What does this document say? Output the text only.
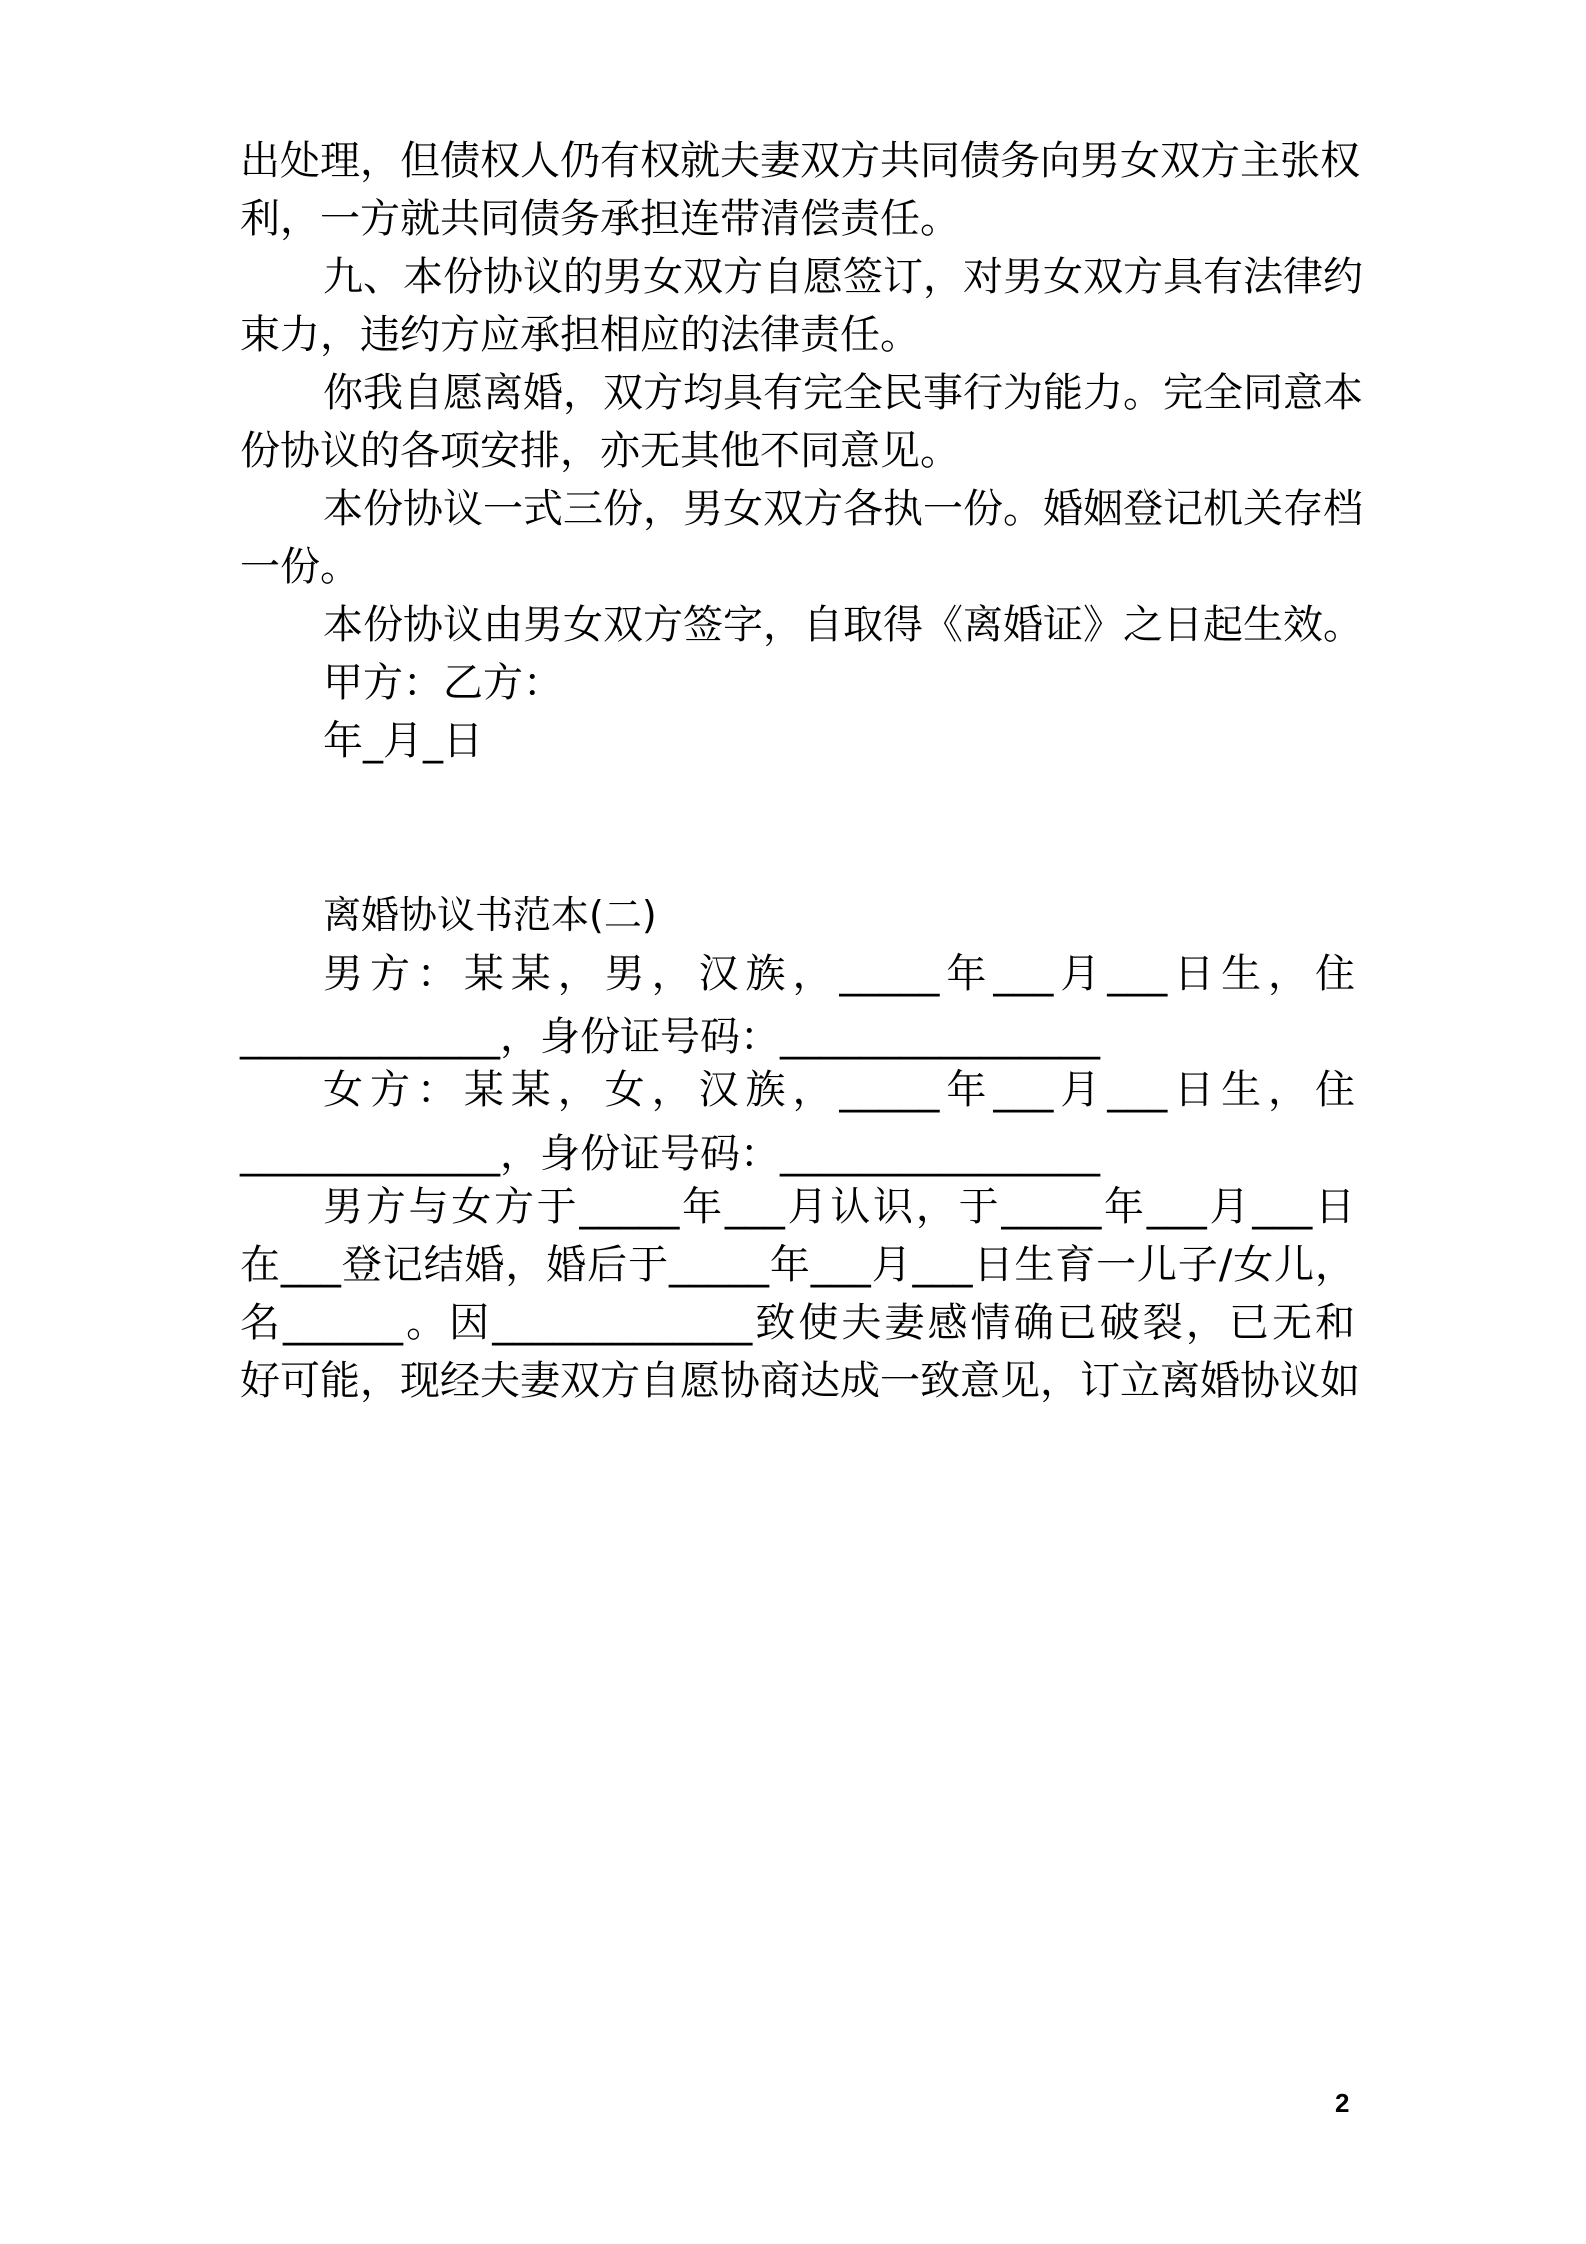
出处理，但债权人仍有权就夫妻双方共同债务向男女双方主张权
利，一方就共同债务承担连带清偿责任。
九、本份协议的男女双方自愿签订，对男女双方具有法律约
束力，违约方应承担相应的法律责任。
你我自愿离婚，双方均具有完全民事行为能力。完全同意本
份协议的各项安排，亦无其他不同意见。
本份协议一式三份，男女双方各执一份。婚姻登记机关存档
一份。
本份协议由男女双方签字，自取得《离婚证》之日起生效。
甲方：乙方：
年_月_日
离婚协议书范本(二)
男方：某某，男，汉族，_____年___月___日生，住
_____________，身份证号码：________________
女方：某某，女，汉族，_____年___月___日生，住
_____________，身份证号码：________________
男方与女方于_____年___月认识，于_____年___月___日
在___登记结婚，婚后于_____年___月___日生育一儿子/女儿，
名______。因_____________致使夫妻感情确已破裂，已无和
好可能，现经夫妻双方自愿协商达成一致意见，订立离婚协议如
2
